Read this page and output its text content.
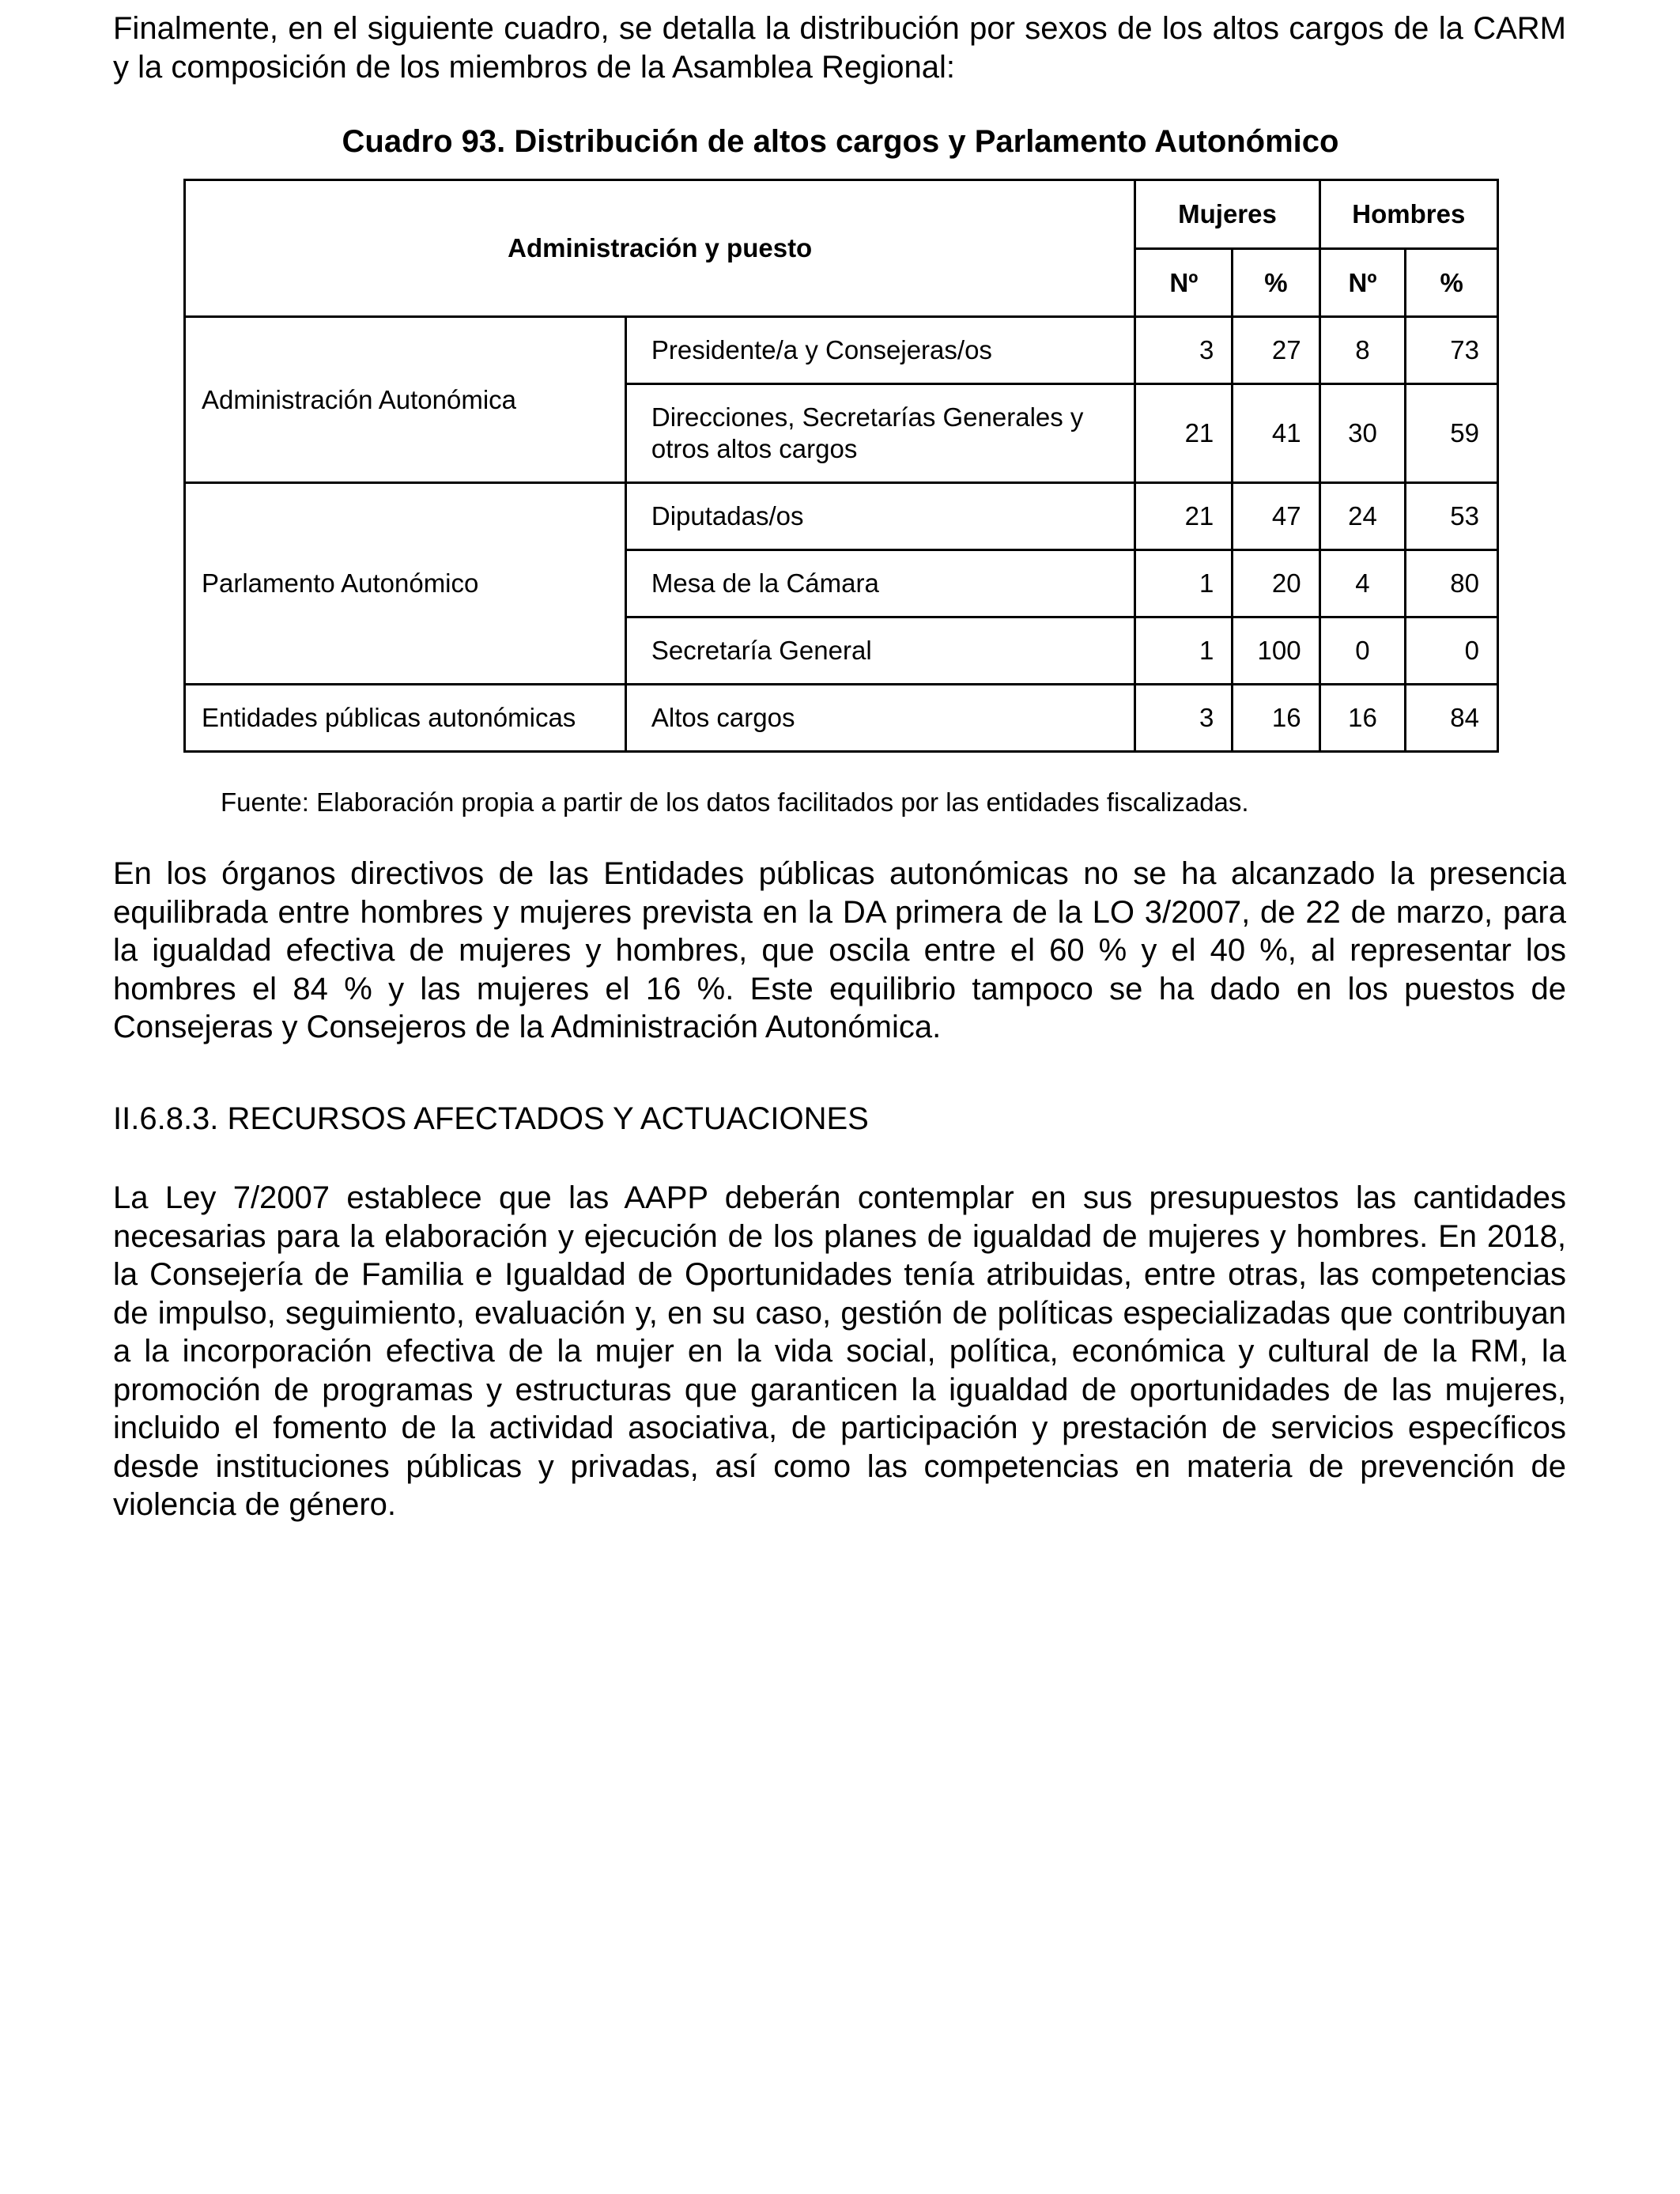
Finalmente, en el siguiente cuadro, se detalla la distribución por sexos de los altos cargos de la CARM y la composición de los miembros de la Asamblea Regional:

Cuadro 93. Distribución de altos cargos y Parlamento Autonómico
Administración y puesto		Mujeres		Hombres	
		Nº	%	Nº	%
Administración Autonómica	Presidente/a y Consejeras/os	3	27	8	73
	Direcciones, Secretarías Generales y otros altos cargos	21	41	30	59
Parlamento Autonómico	Diputadas/os	21	47	24	53
	Mesa de la Cámara	1	20	4	80
	Secretaría General	1	100	0	0
Entidades públicas autonómicas	Altos cargos	3	16	16	84

Fuente: Elaboración propia a partir de los datos facilitados por las entidades fiscalizadas.

En los órganos directivos de las Entidades públicas autonómicas no se ha alcanzado la presencia equilibrada entre hombres y mujeres prevista en la DA primera de la LO 3/2007, de 22 de marzo, para la igualdad efectiva de mujeres y hombres, que oscila entre el 60 % y el 40 %, al representar los hombres el 84 % y las mujeres el 16 %. Este equilibrio tampoco se ha dado en los puestos de Consejeras y Consejeros de la Administración Autonómica.

II.6.8.3. RECURSOS AFECTADOS Y ACTUACIONES

La Ley 7/2007 establece que las AAPP deberán contemplar en sus presupuestos las cantidades necesarias para la elaboración y ejecución de los planes de igualdad de mujeres y hombres. En 2018, la Consejería de Familia e Igualdad de Oportunidades tenía atribuidas, entre otras, las competencias de impulso, seguimiento, evaluación y, en su caso, gestión de políticas especializadas que contribuyan a la incorporación efectiva de la mujer en la vida social, política, económica y cultural de la RM, la promoción de programas y estructuras que garanticen la igualdad de oportunidades de las mujeres, incluido el fomento de la actividad asociativa, de participación y prestación de servicios específicos desde instituciones públicas y privadas, así como las competencias en materia de prevención de violencia de género.
